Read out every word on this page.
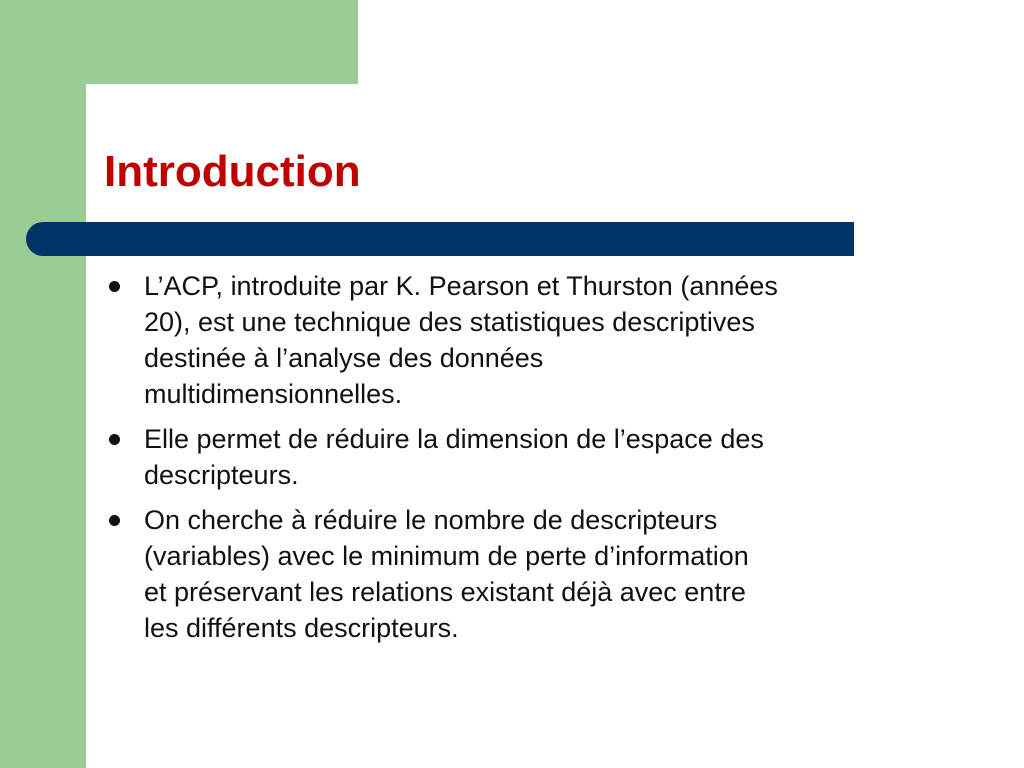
Introduction
L’ACP, introduite par K. Pearson et Thurston (années
20), est une technique des statistiques descriptives
destinée à l’analyse des données
multidimensionnelles.
Elle permet de réduire la dimension de l’espace des
descripteurs.
On cherche à réduire le nombre de descripteurs
(variables) avec le minimum de perte d’information
et préservant les relations existant déjà avec entre
les différents descripteurs.
